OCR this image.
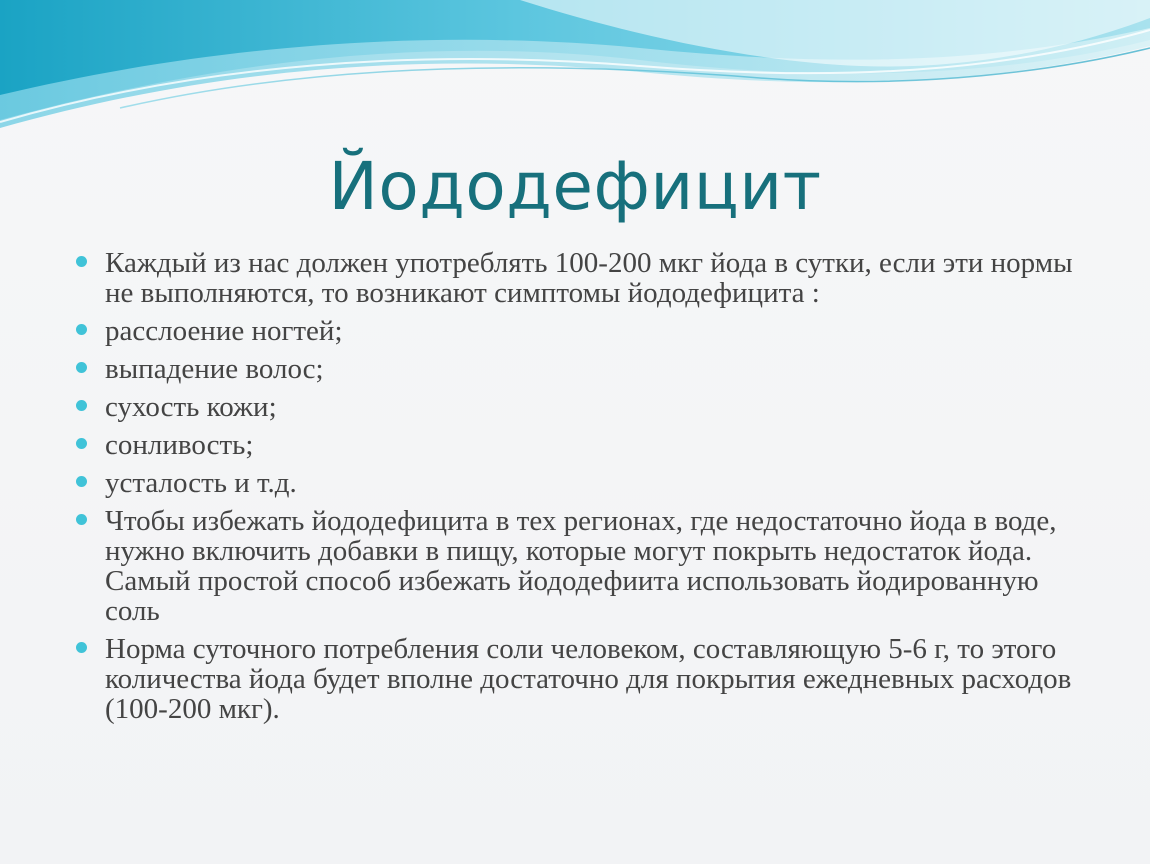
Йододефицит
Каждый из нас должен употреблять 100-200 мкг йода в сутки, если эти нормы не выполняются, то возникают симптомы йододефицита :
расслоение ногтей;
выпадение волос;
сухость кожи;
сонливость;
усталость и т.д.
Чтобы избежать йододефицита в тех регионах, где недостаточно йода в воде, нужно включить добавки в пищу, которые могут покрыть недостаток йода. Самый простой способ избежать йододефиита использовать йодированную соль
Норма суточного потребления соли человеком, составляющую 5-6 г, то этого количества йода будет вполне достаточно для покрытия ежедневных расходов (100-200 мкг).
